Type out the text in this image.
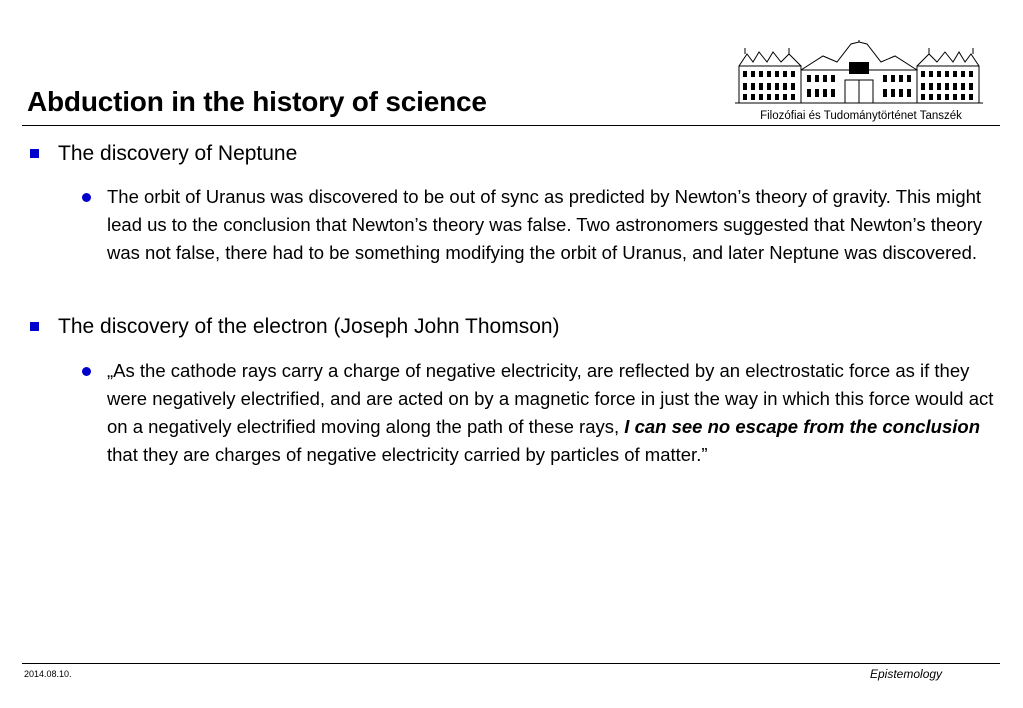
Abduction in the history of science	Filozófiai és Tudománytörténet Tanszék
The discovery of Neptune
The orbit of Uranus was discovered to be out of sync as predicted by Newton’s theory of gravity. This might lead us to the conclusion that Newton’s theory was false. Two astronomers suggested that Newton’s theory was not false, there had to be something modifying the orbit of Uranus, and later Neptune was discovered.
The discovery of the electron (Joseph John Thomson)
„As the cathode rays carry a charge of negative electricity, are reflected by an electrostatic force as if they were negatively electrified, and are acted on by a magnetic force in just the way in which this force would act on a negatively electrified moving along the path of these rays, I can see no escape from the conclusion that they are charges of negative electricity carried by particles of matter.”
2014.08.10.	Epistemology
